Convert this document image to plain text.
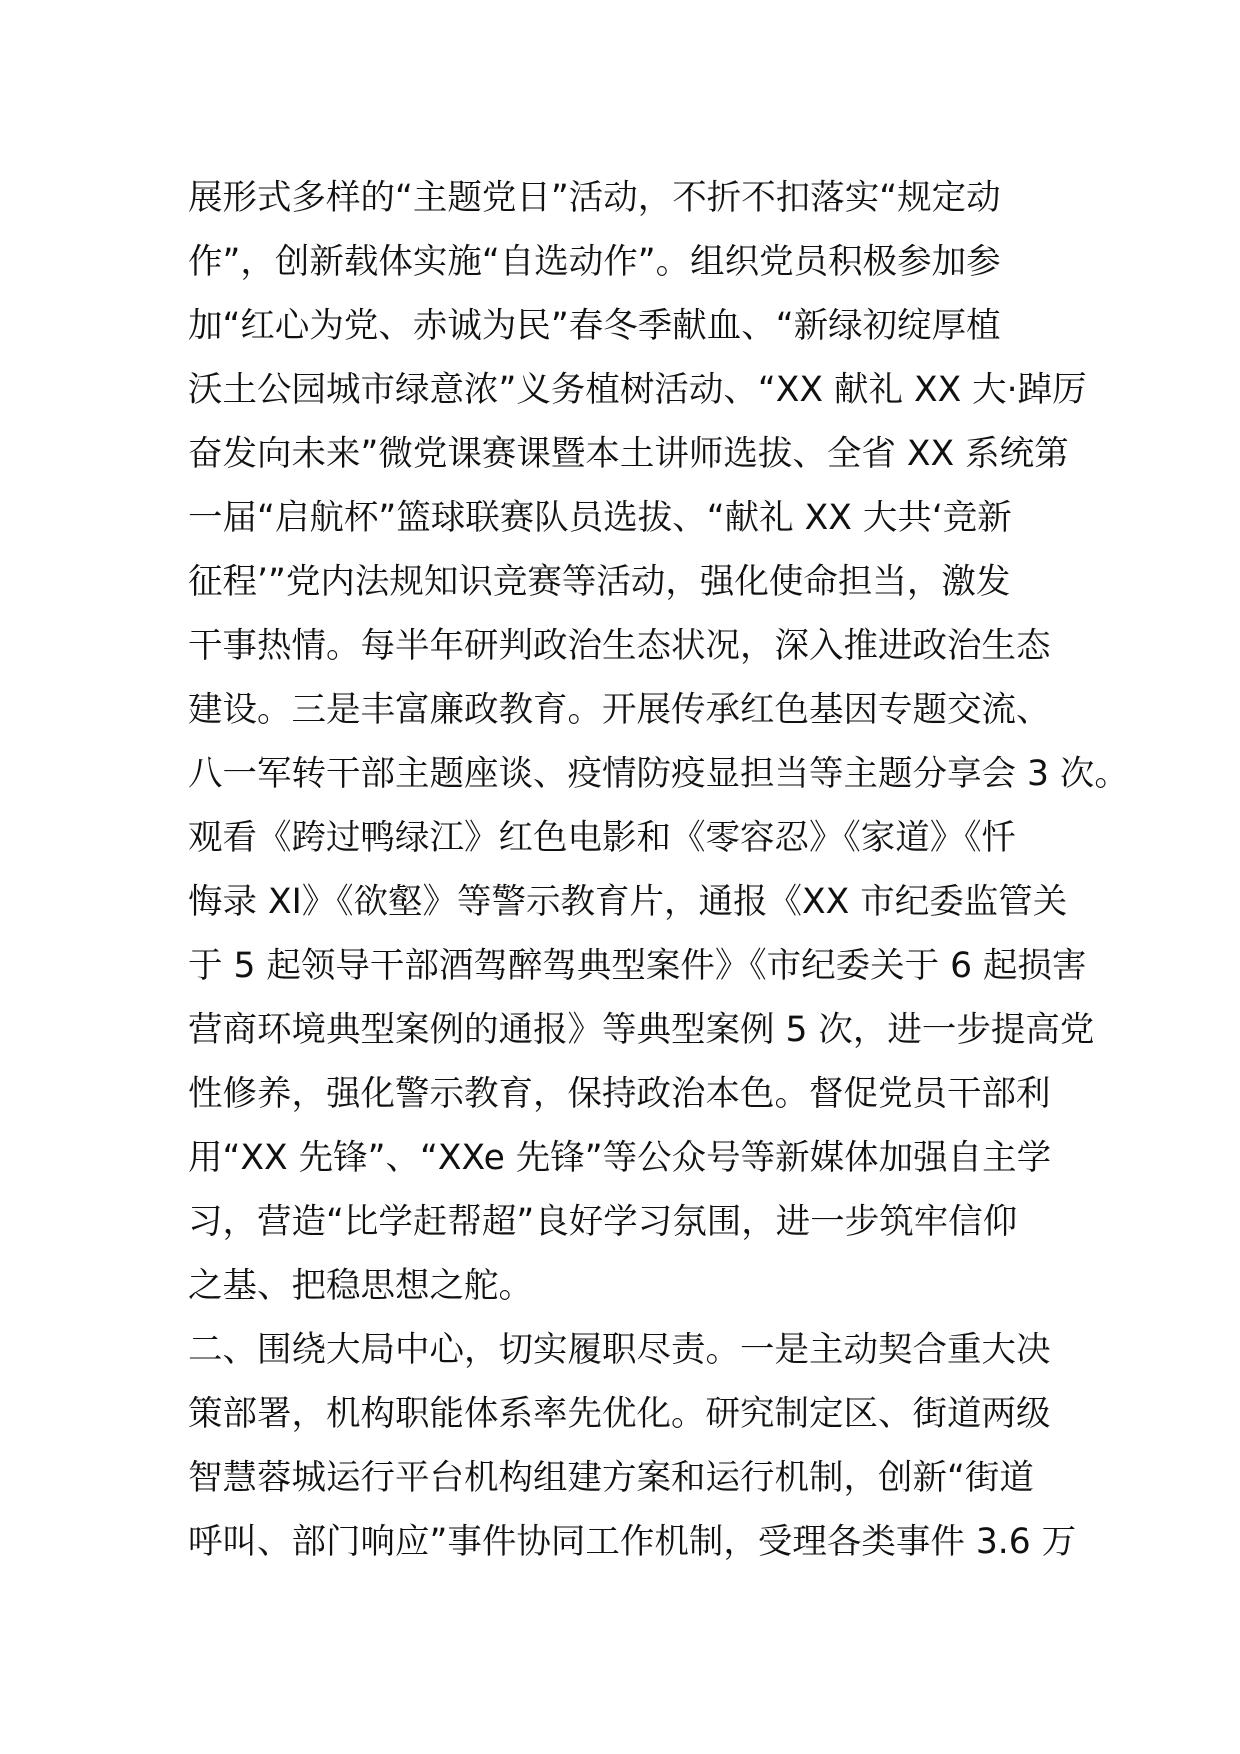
展形式多样的“主题党日”活动，不折不扣落实“规定动
作”，创新载体实施“自选动作”。组织党员积极参加参
加“红心为党、赤诚为民”春冬季献血、“新绿初绽厚植
沃土公园城市绿意浓”义务植树活动、“XX 献礼 XX 大·踔厉
奋发向未来”微党课赛课暨本土讲师选拔、全省 XX 系统第
一届“启航杯”篮球联赛队员选拔、“献礼 XX 大共‘竞新
征程’”党内法规知识竞赛等活动，强化使命担当，激发
干事热情。每半年研判政治生态状况，深入推进政治生态
建设。三是丰富廉政教育。开展传承红色基因专题交流、
八一军转干部主题座谈、疫情防疫显担当等主题分享会 3 次。
观看《跨过鸭绿江》红色电影和《零容忍》《家道》《忏
悔录 XI》《欲壑》等警示教育片，通报《XX 市纪委监管关
于 5 起领导干部酒驾醉驾典型案件》《市纪委关于 6 起损害
营商环境典型案例的通报》等典型案例 5 次，进一步提高党
性修养，强化警示教育，保持政治本色。督促党员干部利
用“XX 先锋”、“XXe 先锋”等公众号等新媒体加强自主学
习，营造“比学赶帮超”良好学习氛围，进一步筑牢信仰
之基、把稳思想之舵。
二、围绕大局中心，切实履职尽责。一是主动契合重大决
策部署，机构职能体系率先优化。研究制定区、街道两级
智慧蓉城运行平台机构组建方案和运行机制，创新“街道
呼叫、部门响应”事件协同工作机制，受理各类事件 3.6 万
